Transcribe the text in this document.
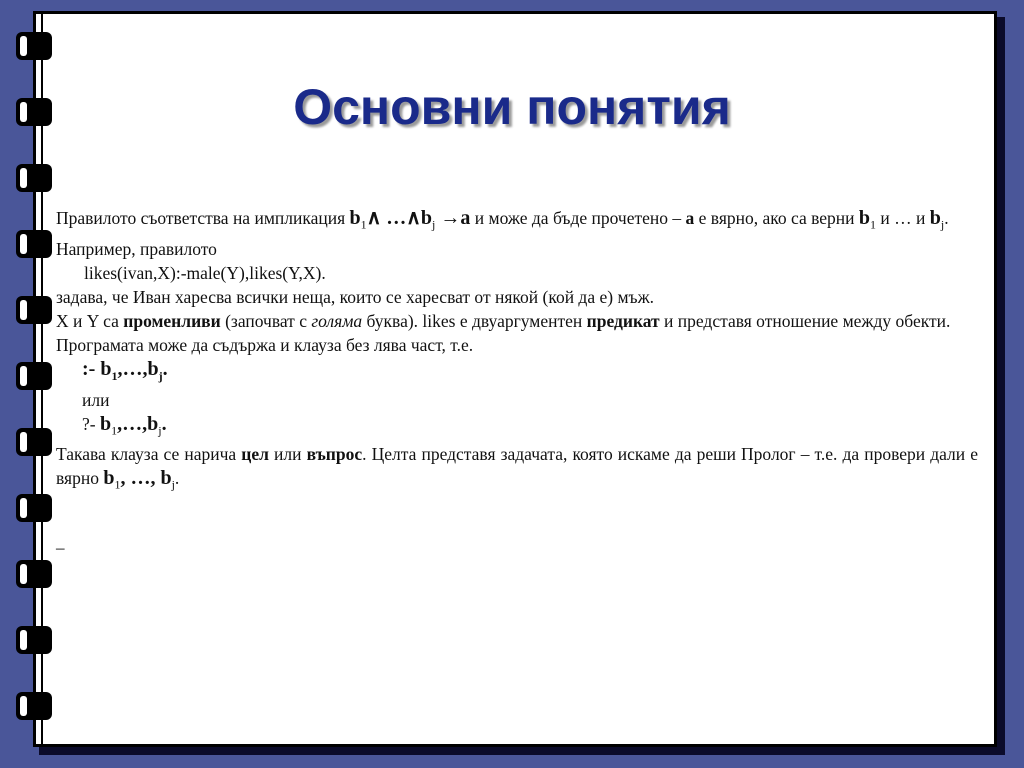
Основни понятия

Правилото съответства на импликация $b_1\wedge$ $\dots\wedge b_j \to a$ и може да бъде прочетено – a е вярно, ако са верни $b_1$ и … и $b_j$.

Например, правилото

likes(ivan,X):-male(Y),likes(Y,X).

задава, че Иван харесва всички неща, които се харесват от някой (кой да е) мъж.

X и Y са променливи (започват с голяма буква). likes е двуаргументен предикат и представя отношение между обекти.

Програмата може да съдържа и клауза без лява част, т.е.

:- $b_1,\dots,b_j$.

или

?- $b_1,\dots,b_j$.

Такава клауза се нарича цел или въпрос. Целта представя задачата, която искаме да реши Пролог – т.е. да провери дали е вярно $b_1$, …, $b_j$.

–
